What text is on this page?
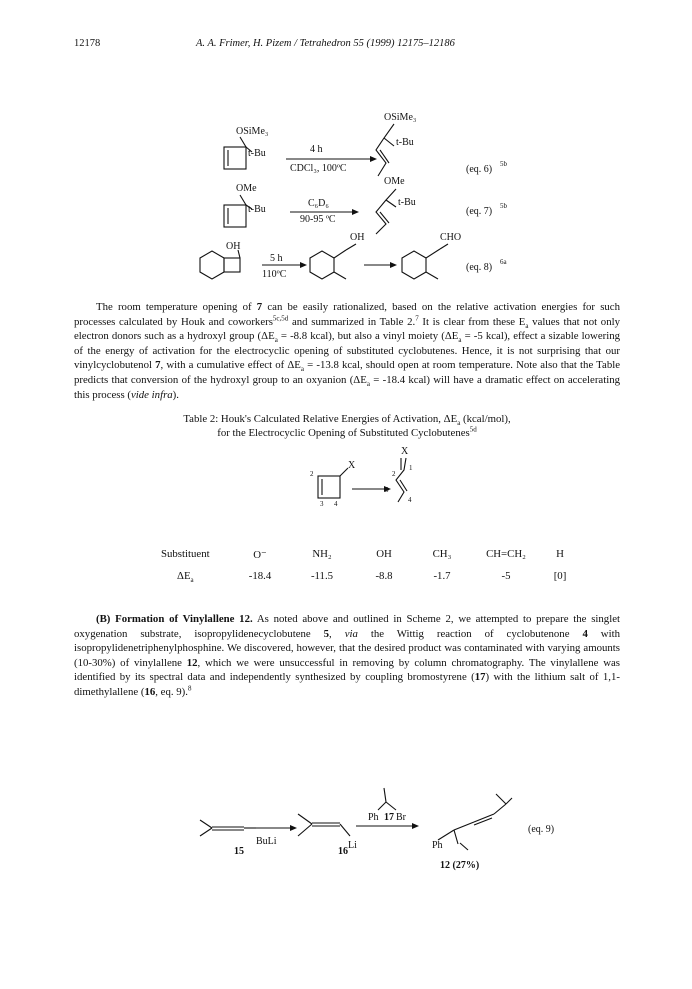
12178	A. A. Frimer, H. Pizem / Tetrahedron 55 (1999) 12175–12186
OSiMe₃
t-Bu	4 h
CDCl₃, 100ºC
OSiMe₃
t-Bu
(eq. 6) 5b
OMe
t-Bu
C₆D₆
90-95 ºC
OMe
t-Bu
(eq. 7) 5b
OH
5 h
110ºC
OH	CHO
(eq. 8) 6a

The room temperature opening of 7 can be easily rationalized, based on the relative activation energies for such processes calculated by Houk and coworkers$^{5c,5d}$ and summarized in Table 2.$^7$ It is clear from these $E_a$ values that not only electron donors such as a hydroxyl group ($\Delta E_a = -8.8$ kcal), but also a vinyl moiety ($\Delta E_a = -5$ kcal), effect a sizable lowering of the energy of activation for the electrocyclic opening of substituted cyclobutenes. Hence, it is not surprising that our vinylcyclobutenol 7, with a cumulative effect of $\Delta E_a = -13.8$ kcal, should open at room temperature. Note also that the Table predicts that conversion of the hydroxyl group to an oxyanion ($\Delta E_a = -18.4$ kcal) will have a dramatic effect on accelerating this process (vide infra).

Table 2: Houk's Calculated Relative Energies of Activation, $\Delta E_a$ (kcal/mol),
for the Electrocyclic Opening of Substituted Cyclobutenes$^{5d}$
X
X
2
3 4
1
2
3
4
Substituent	O⁻	NH₂	OH	CH₃	CH=CH₂	H
$\Delta E_a$	-18.4	-11.5	-8.8	-1.7	-5	[0]

(B) Formation of Vinylallene 12. As noted above and outlined in Scheme 2, we attempted to prepare the singlet oxygenation substrate, isopropylidenecyclobutene 5, via the Wittig reaction of cyclobutenone 4 with isopropylidenetriphenylphosphine. We discovered, however, that the desired product was contaminated with varying amounts (10-30%) of vinylallene 12, which we were unsuccessful in removing by column chromatography. The vinylallene was identified by its spectral data and independently synthesized by coupling bromostyrene (17) with the lithium salt of 1,1-dimethylallene (16, eq. 9).$^8$

BuLi
15	16
Li
Ph Br
17
Ph
12 (27%)
(eq. 9)
